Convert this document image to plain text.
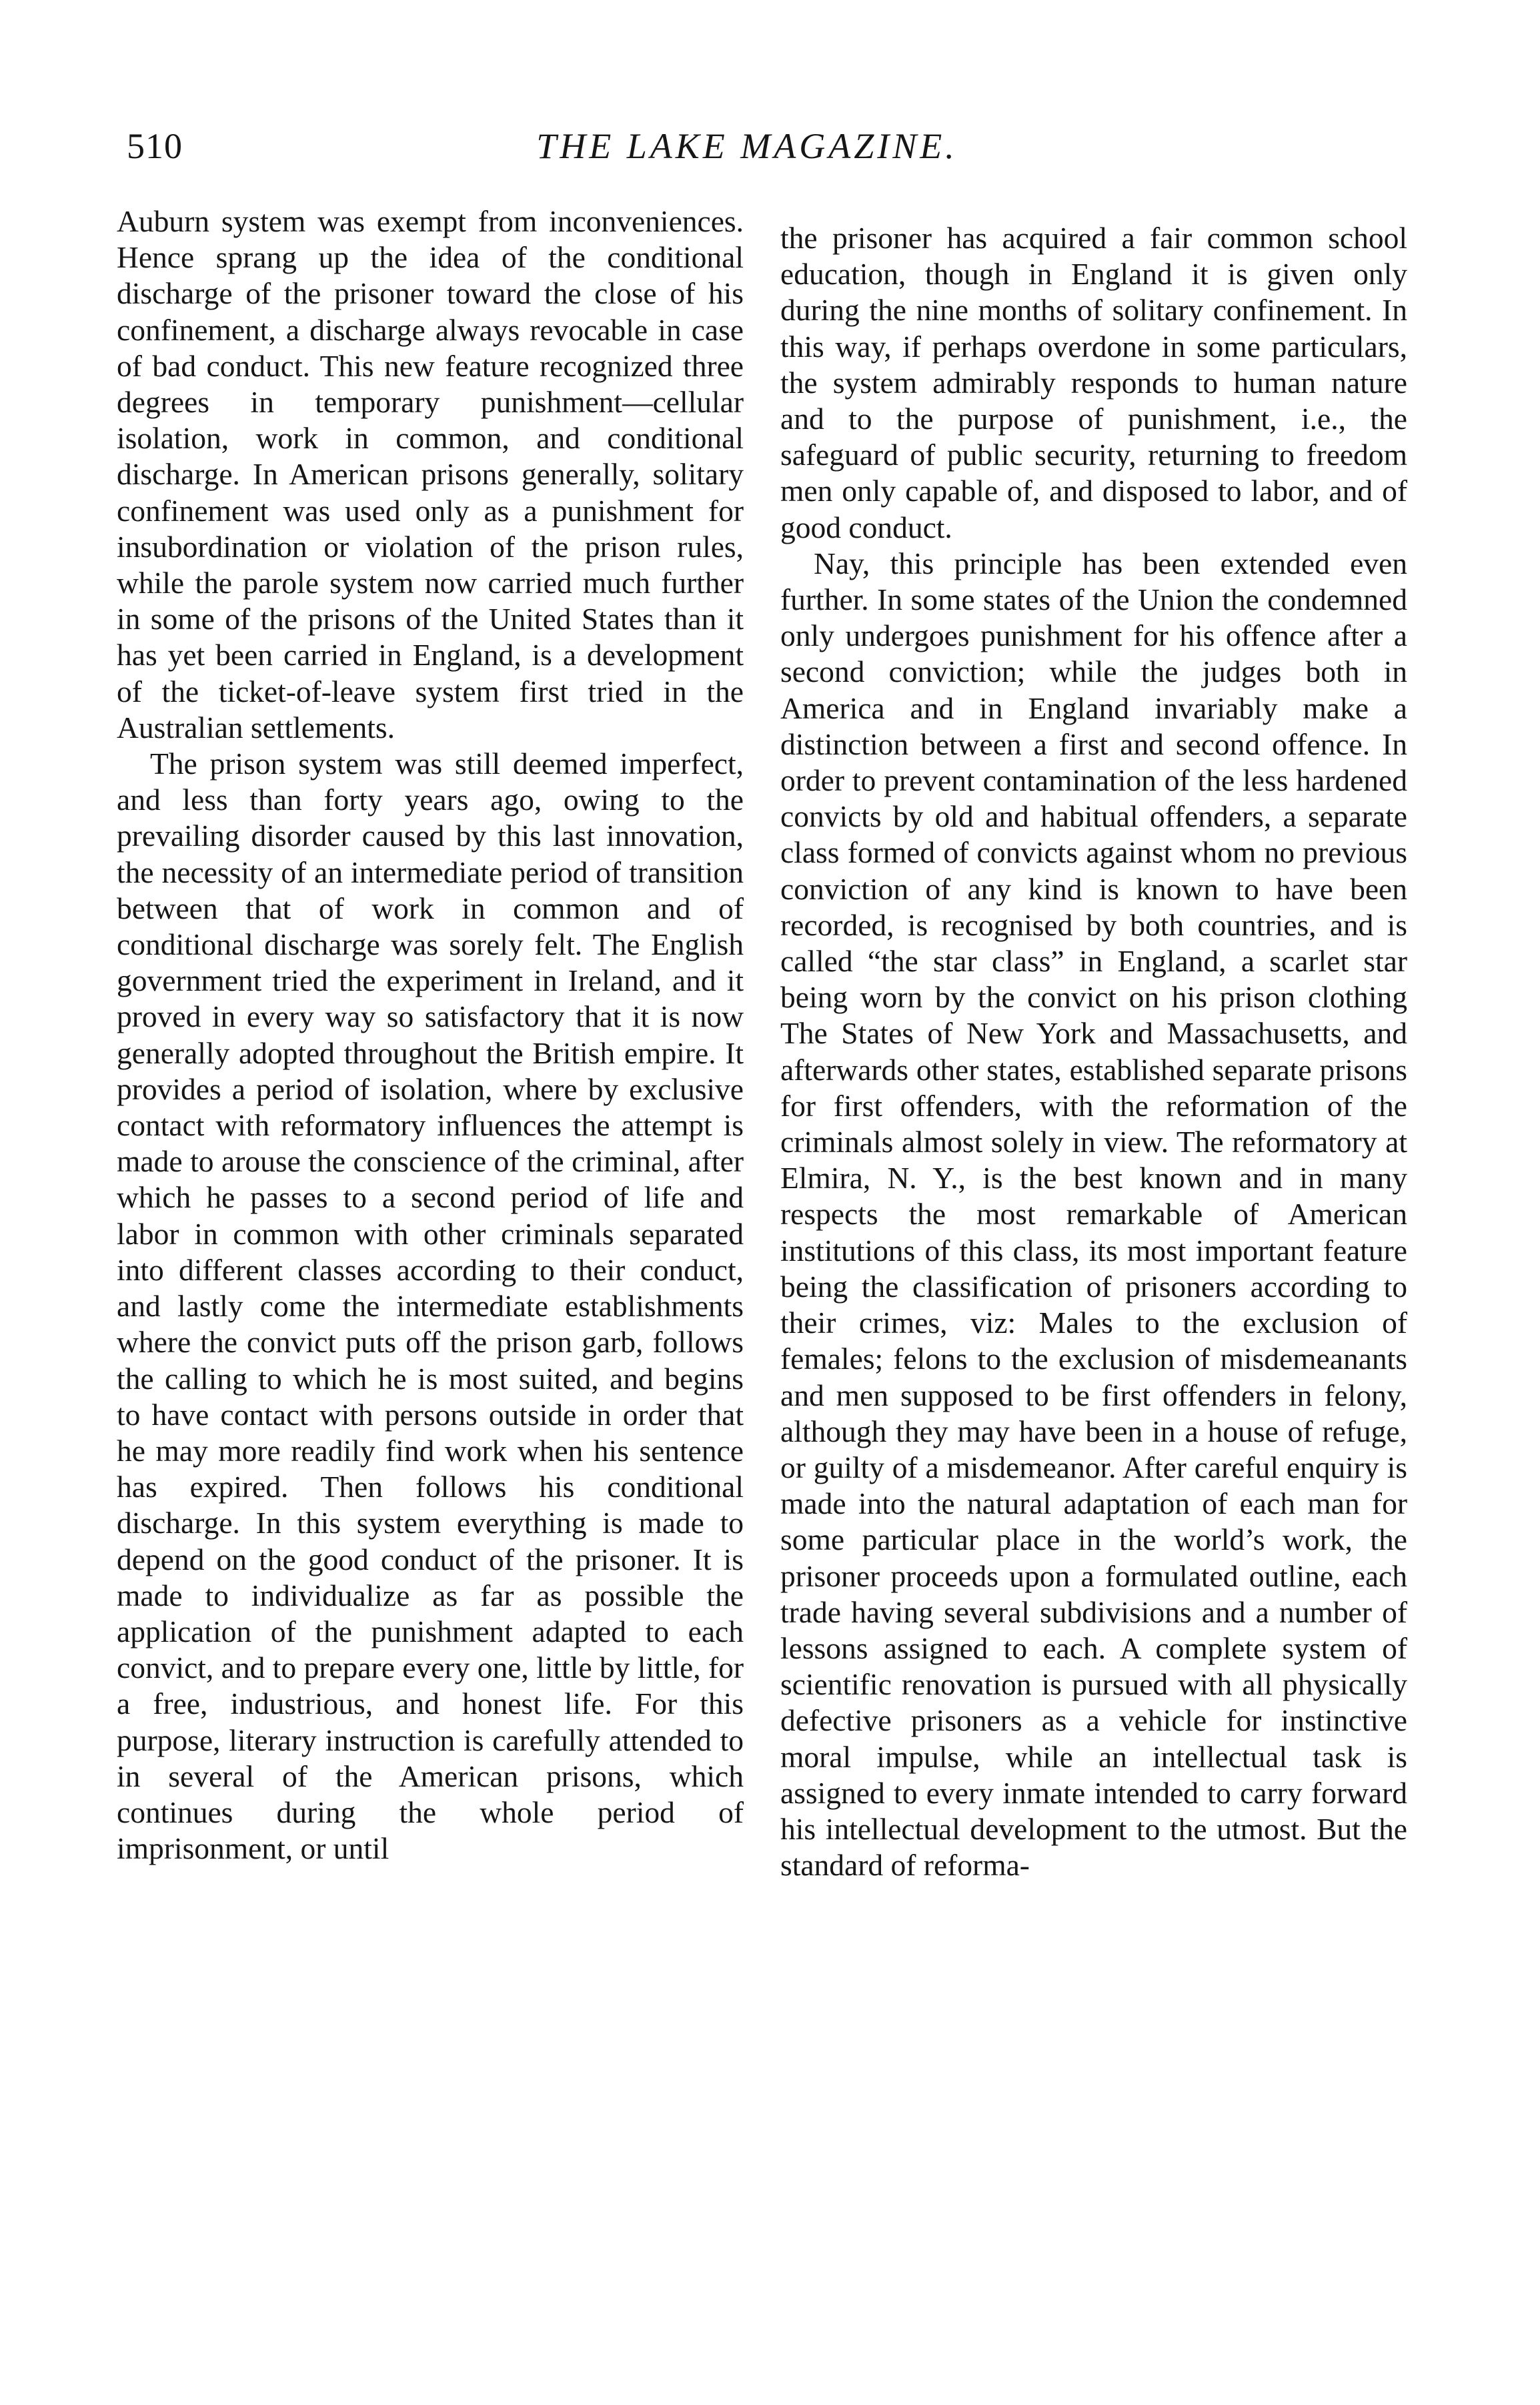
510	THE LAKE MAGAZINE.

Auburn system was exempt from inconveniences. Hence sprang up the idea of the conditional discharge of the prisoner toward the close of his confinement, a discharge always revocable in case of bad conduct. This new feature recognized three degrees in temporary punishment—cellular isolation, work in common, and conditional discharge. In American prisons generally, solitary confinement was used only as a punishment for insubordination or violation of the prison rules, while the parole system now carried much further in some of the prisons of the United States than it has yet been carried in England, is a development of the ticket-of-leave system first tried in the Australian settlements.

The prison system was still deemed imperfect, and less than forty years ago, owing to the prevailing disorder caused by this last innovation, the necessity of an intermediate period of transition between that of work in common and of conditional discharge was sorely felt. The English government tried the experiment in Ireland, and it proved in every way so satisfactory that it is now generally adopted throughout the British empire. It provides a period of isolation, where by exclusive contact with reformatory influences the attempt is made to arouse the conscience of the criminal, after which he passes to a second period of life and labor in common with other criminals separated into different classes according to their conduct, and lastly come the intermediate establishments where the convict puts off the prison garb, follows the calling to which he is most suited, and begins to have contact with persons outside in order that he may more readily find work when his sentence has expired. Then follows his conditional discharge. In this system everything is made to depend on the good conduct of the prisoner. It is made to individualize as far as possible the application of the punishment adapted to each convict, and to prepare every one, little by little, for a free, industrious, and honest life. For this purpose, literary instruction is carefully attended to in several of the American prisons, which continues during the whole period of imprisonment, or until

the prisoner has acquired a fair common school education, though in England it is given only during the nine months of solitary confinement. In this way, if perhaps overdone in some particulars, the system admirably responds to human nature and to the purpose of punishment, i.e., the safeguard of public security, returning to freedom men only capable of, and disposed to labor, and of good conduct.

Nay, this principle has been extended even further. In some states of the Union the condemned only undergoes punishment for his offence after a second conviction; while the judges both in America and in England invariably make a distinction between a first and second offence. In order to prevent contamination of the less hardened convicts by old and habitual offenders, a separate class formed of convicts against whom no previous conviction of any kind is known to have been recorded, is recognised by both countries, and is called “the star class” in England, a scarlet star being worn by the convict on his prison clothing The States of New York and Massachusetts, and afterwards other states, established separate prisons for first offenders, with the reformation of the criminals almost solely in view. The reformatory at Elmira, N. Y., is the best known and in many respects the most remarkable of American institutions of this class, its most important feature being the classification of prisoners according to their crimes, viz: Males to the exclusion of females; felons to the exclusion of misdemeanants and men supposed to be first offenders in felony, although they may have been in a house of refuge, or guilty of a misdemeanor. After careful enquiry is made into the natural adaptation of each man for some particular place in the world’s work, the prisoner proceeds upon a formulated outline, each trade having several subdivisions and a number of lessons assigned to each. A complete system of scientific renovation is pursued with all physically defective prisoners as a vehicle for instinctive moral impulse, while an intellectual task is assigned to every inmate intended to carry forward his intellectual development to the utmost. But the standard of reforma-
